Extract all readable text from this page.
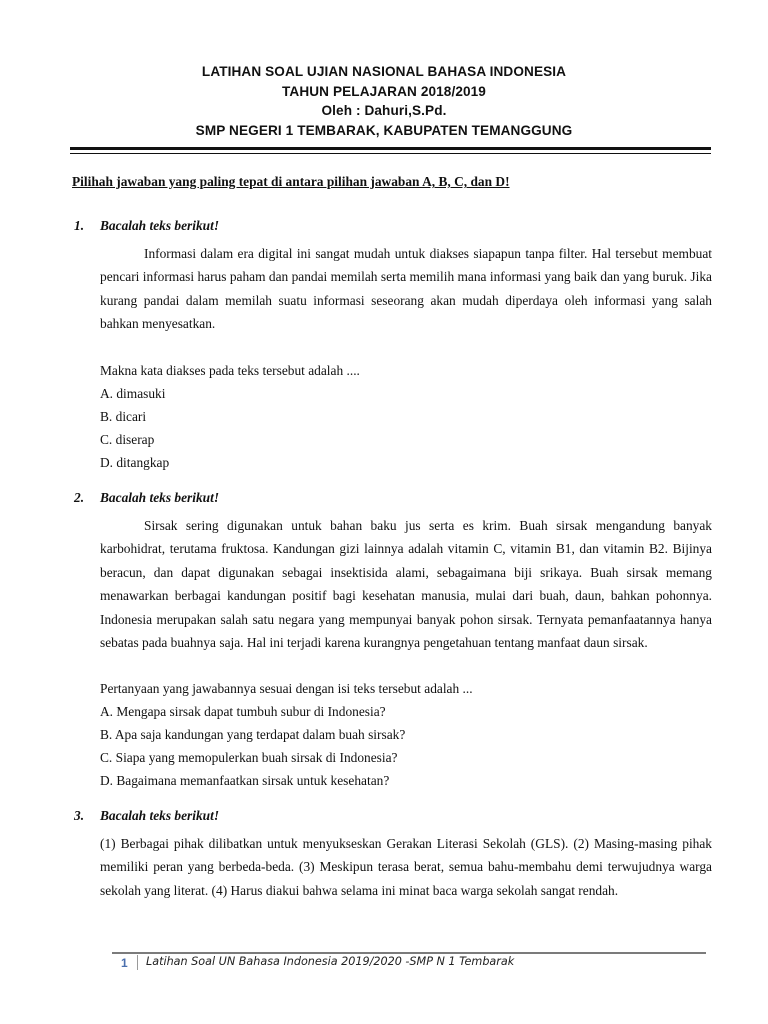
LATIHAN SOAL UJIAN NASIONAL BAHASA INDONESIA
TAHUN PELAJARAN 2018/2019
Oleh : Dahuri,S.Pd.
SMP NEGERI 1 TEMBARAK, KABUPATEN TEMANGGUNG
Pilihah jawaban yang paling tepat di antara pilihan jawaban A, B, C, dan D!
1. Bacalah teks berikut!
Informasi dalam era digital ini sangat mudah untuk diakses siapapun tanpa filter. Hal tersebut membuat pencari informasi harus paham dan pandai memilah serta memilih mana informasi yang baik dan yang buruk. Jika kurang pandai dalam memilah suatu informasi seseorang akan mudah diperdaya oleh informasi yang salah bahkan menyesatkan.
Makna kata diakses pada teks tersebut adalah ....
A. dimasuki
B. dicari
C. diserap
D. ditangkap
2. Bacalah teks berikut!
Sirsak sering digunakan untuk bahan baku jus serta es krim. Buah sirsak mengandung banyak karbohidrat, terutama fruktosa. Kandungan gizi lainnya adalah vitamin C, vitamin B1, dan vitamin B2. Bijinya beracun, dan dapat digunakan sebagai insektisida alami, sebagaimana biji srikaya. Buah sirsak memang menawarkan berbagai kandungan positif bagi kesehatan manusia, mulai dari buah, daun, bahkan pohonnya. Indonesia merupakan salah satu negara yang mempunyai banyak pohon sirsak. Ternyata pemanfaatannya hanya sebatas pada buahnya saja. Hal ini terjadi karena kurangnya pengetahuan tentang manfaat daun sirsak.
Pertanyaan yang jawabannya sesuai dengan isi teks tersebut adalah ...
A. Mengapa sirsak dapat tumbuh subur di Indonesia?
B. Apa saja kandungan yang terdapat dalam buah sirsak?
C. Siapa yang memopulerkan buah sirsak di Indonesia?
D. Bagaimana memanfaatkan sirsak untuk kesehatan?
3. Bacalah teks berikut!
(1) Berbagai pihak dilibatkan untuk menyukseskan Gerakan Literasi Sekolah (GLS). (2) Masing-masing pihak memiliki peran yang berbeda-beda. (3) Meskipun terasa berat, semua bahu-membahu demi terwujudnya warga sekolah yang literat. (4) Harus diakui bahwa selama ini minat baca warga sekolah sangat rendah.
1 Latihan Soal UN Bahasa Indonesia 2019/2020 -SMP N 1 Tembarak
